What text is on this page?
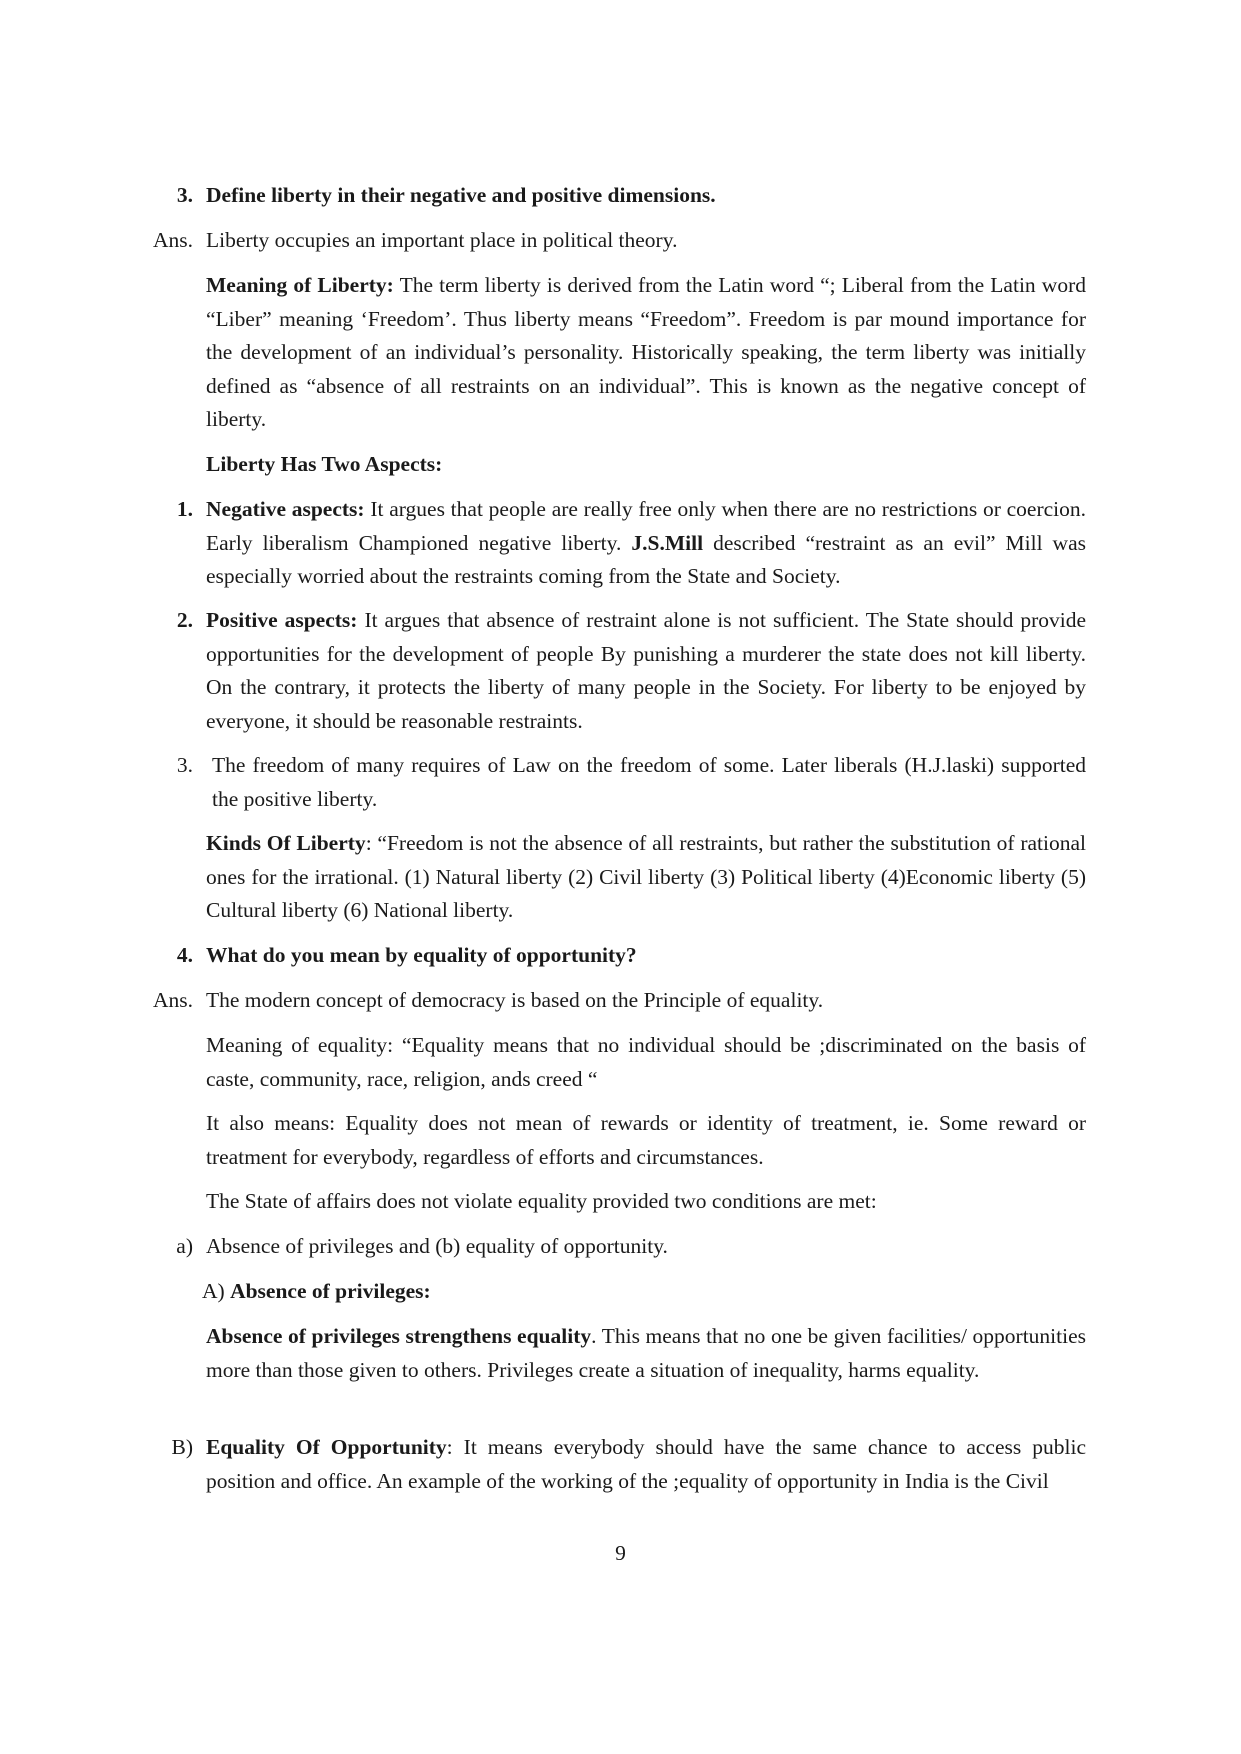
3. Define liberty in their negative and positive dimensions.
Ans. Liberty occupies an important place in political theory.
Meaning of Liberty: The term liberty is derived from the Latin word “; Liberal from the Latin word “Liber” meaning ‘Freedom’. Thus liberty means “Freedom”. Freedom is par mound importance for the development of an individual’s personality. Historically speaking, the term liberty was initially defined as “absence of all restraints on an individual”. This is known as the negative concept of liberty.
Liberty Has Two Aspects:
1. Negative aspects: It argues that people are really free only when there are no restrictions or coercion. Early liberalism Championed negative liberty. J.S.Mill described “restraint as an evil” Mill was especially worried about the restraints coming from the State and Society.
2. Positive aspects: It argues that absence of restraint alone is not sufficient. The State should provide opportunities for the development of people By punishing a murderer the state does not kill liberty. On the contrary, it protects the liberty of many people in the Society. For liberty to be enjoyed by everyone, it should be reasonable restraints.
3. The freedom of many requires of Law on the freedom of some. Later liberals (H.J.laski) supported the positive liberty.
Kinds Of Liberty: “Freedom is not the absence of all restraints, but rather the substitution of rational ones for the irrational. (1) Natural liberty (2) Civil liberty (3) Political liberty (4)Economic liberty (5) Cultural liberty (6) National liberty.
4. What do you mean by equality of opportunity?
Ans. The modern concept of democracy is based on the Principle of equality.
Meaning of equality: “Equality means that no individual should be ;discriminated on the basis of caste, community, race, religion, ands creed “
It also means: Equality does not mean of rewards or identity of treatment, ie. Some reward or treatment for everybody, regardless of efforts and circumstances.
The State of affairs does not violate equality provided two conditions are met:
a) Absence of privileges and (b) equality of opportunity.
A) Absence of privileges:
Absence of privileges strengthens equality. This means that no one be given facilities/ opportunities more than those given to others. Privileges create a situation of inequality, harms equality.
B) Equality Of Opportunity: It means everybody should have the same chance to access public position and office. An example of the working of the ;equality of opportunity in India is the Civil
9
